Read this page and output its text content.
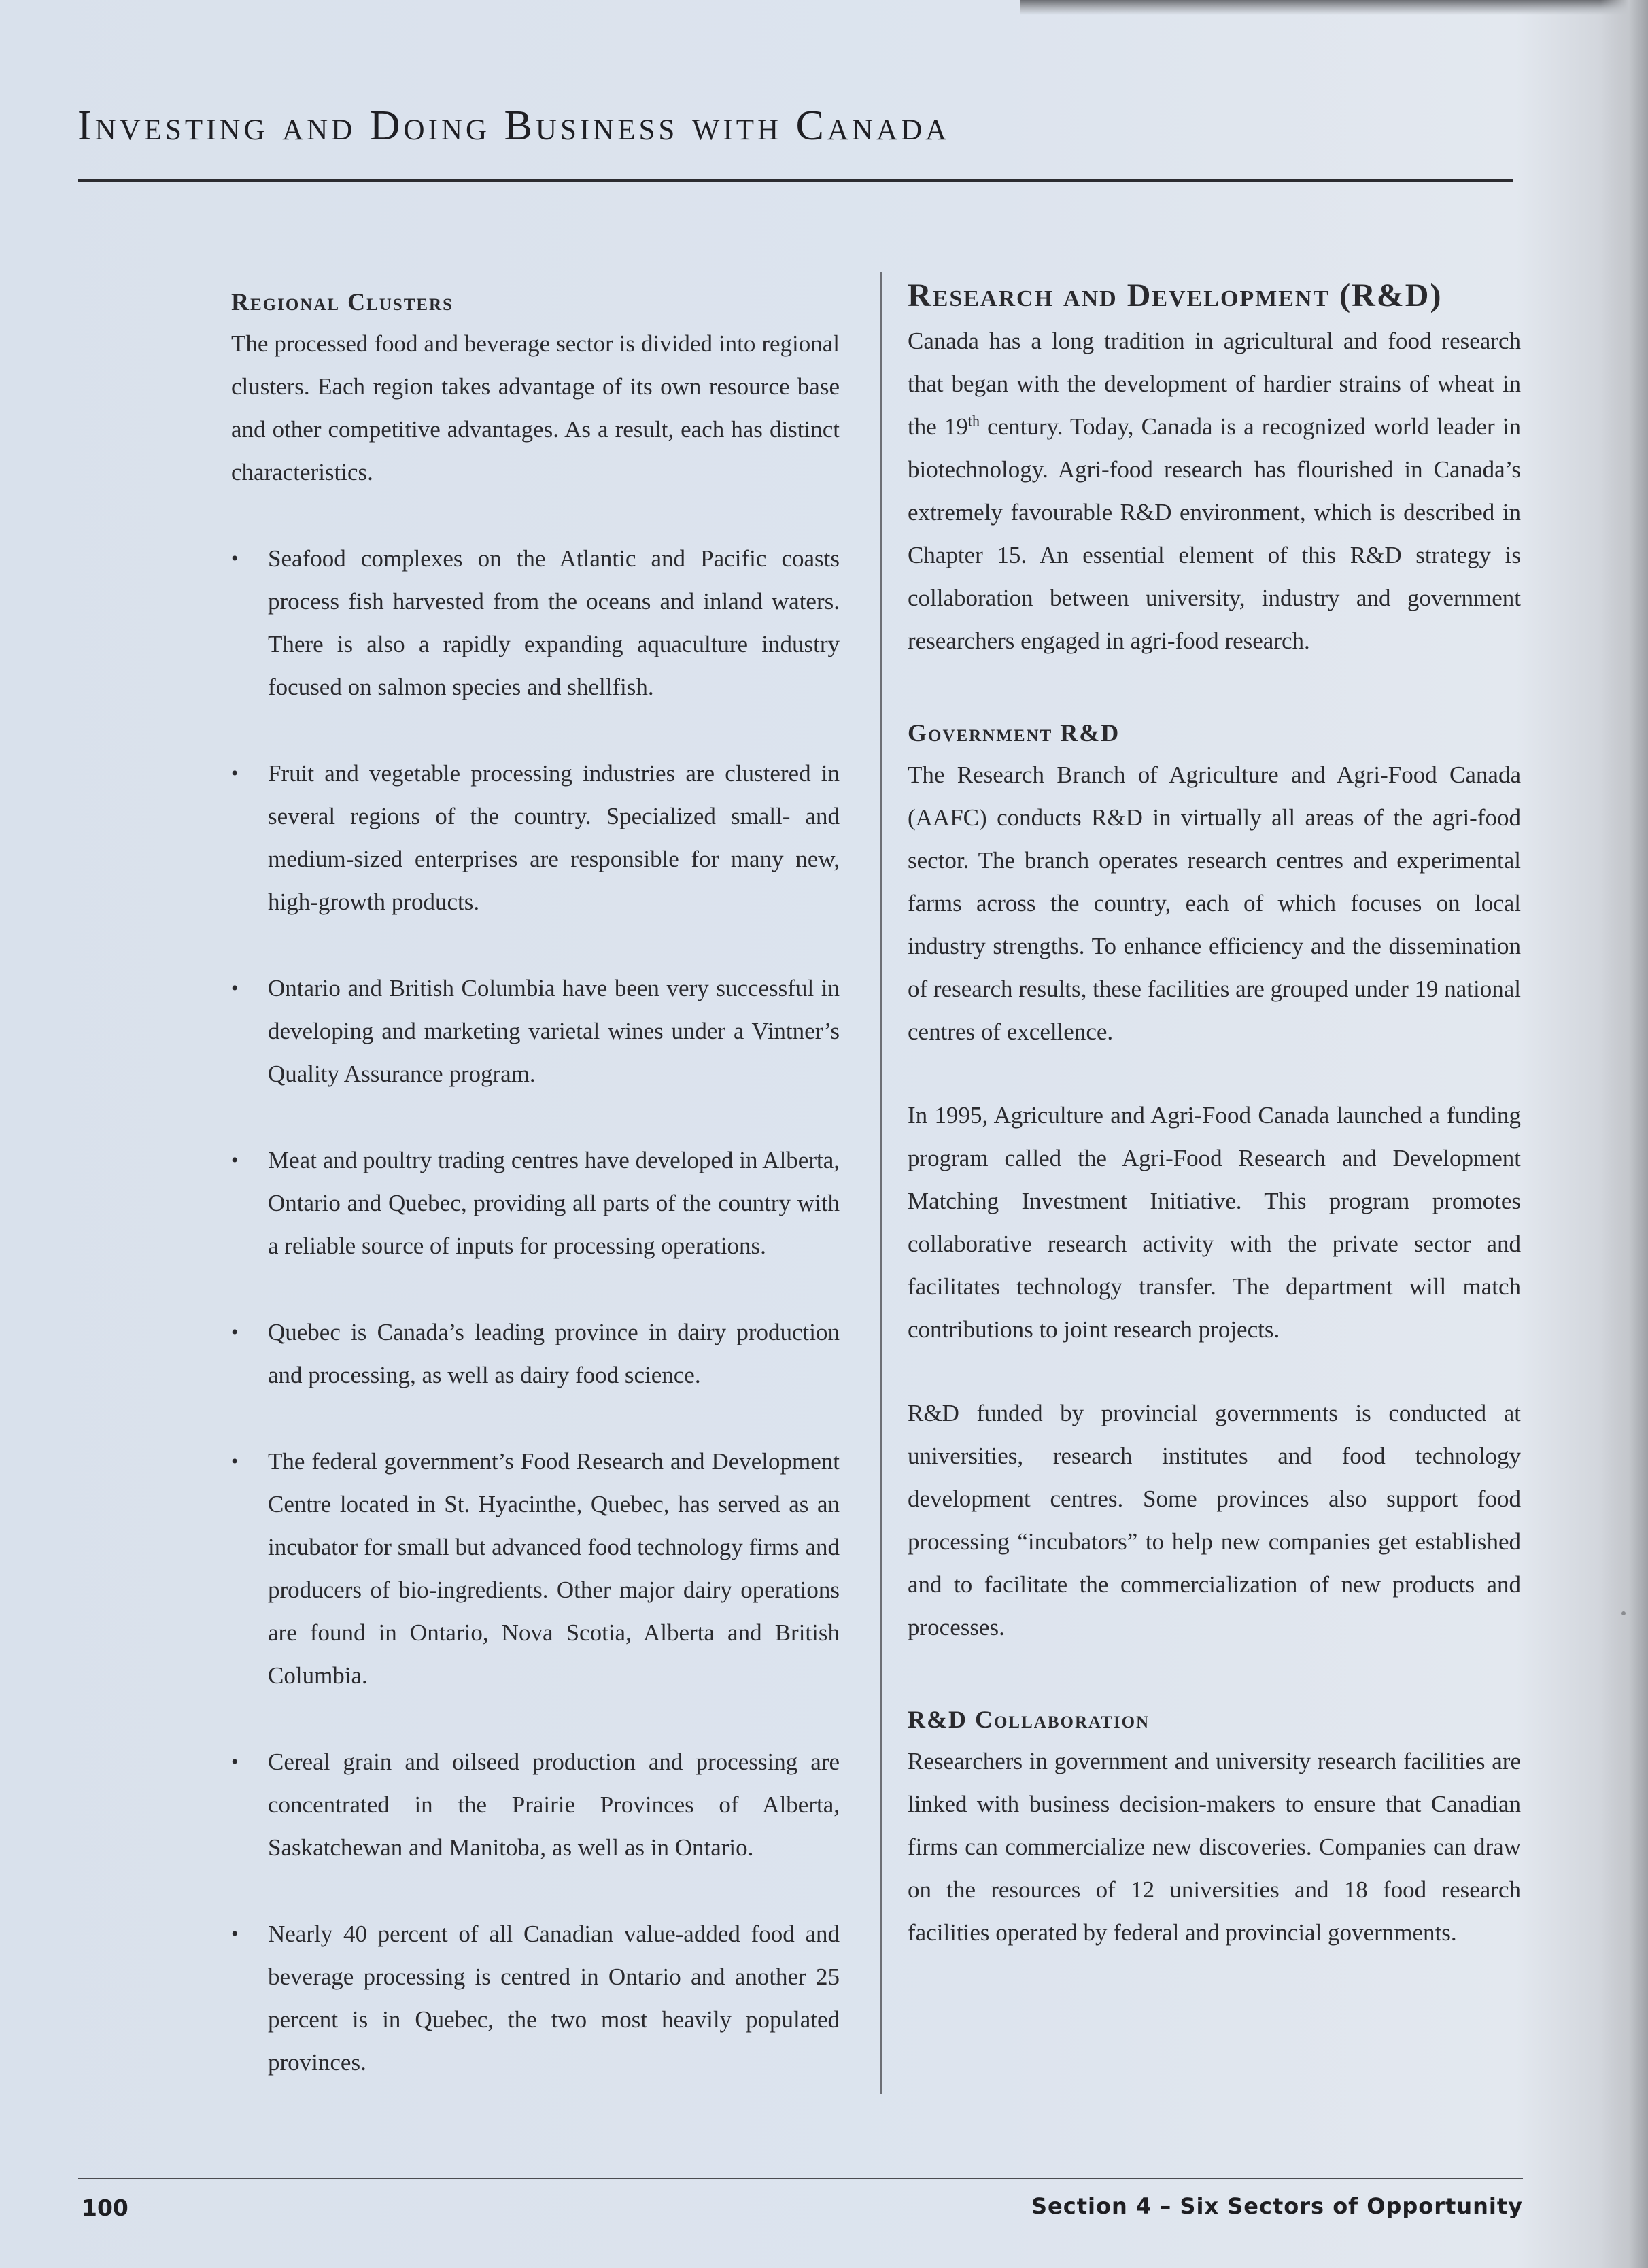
Investing and Doing Business with Canada
Regional Clusters

The processed food and beverage sector is divided into regional clusters. Each region takes advantage of its own resource base and other competitive advantages. As a result, each has distinct characteristics.

• Seafood complexes on the Atlantic and Pacific coasts process fish harvested from the oceans and inland waters. There is also a rapidly expanding aquaculture industry focused on salmon species and shellfish.
• Fruit and vegetable processing industries are clustered in several regions of the country. Specialized small- and medium-sized enterprises are responsible for many new, high-growth products.
• Ontario and British Columbia have been very successful in developing and marketing varietal wines under a Vintner’s Quality Assurance program.
• Meat and poultry trading centres have developed in Alberta, Ontario and Quebec, providing all parts of the country with a reliable source of inputs for processing operations.
• Quebec is Canada’s leading province in dairy production and processing, as well as dairy food science.
• The federal government’s Food Research and Development Centre located in St. Hyacinthe, Quebec, has served as an incubator for small but advanced food technology firms and producers of bio-ingredients. Other major dairy operations are found in Ontario, Nova Scotia, Alberta and British Columbia.
• Cereal grain and oilseed production and processing are concentrated in the Prairie Provinces of Alberta, Saskatchewan and Manitoba, as well as in Ontario.
• Nearly 40 percent of all Canadian value-added food and beverage processing is centred in Ontario and another 25 percent is in Quebec, the two most heavily populated provinces.
Research and Development (R&D)

Canada has a long tradition in agricultural and food research that began with the development of hardier strains of wheat in the 19th century. Today, Canada is a recognized world leader in biotechnology. Agri-food research has flourished in Canada’s extremely favourable R&D environment, which is described in Chapter 15. An essential element of this R&D strategy is collaboration between university, industry and government researchers engaged in agri-food research.

Government R&D

The Research Branch of Agriculture and Agri-Food Canada (AAFC) conducts R&D in virtually all areas of the agri-food sector. The branch operates research centres and experimental farms across the country, each of which focuses on local industry strengths. To enhance efficiency and the dissemination of research results, these facilities are grouped under 19 national centres of excellence.

In 1995, Agriculture and Agri-Food Canada launched a funding program called the Agri-Food Research and Development Matching Investment Initiative. This program promotes collaborative research activity with the private sector and facilitates technology transfer. The department will match contributions to joint research projects.

R&D funded by provincial governments is conducted at universities, research institutes and food technology development centres. Some provinces also support food processing “incubators” to help new companies get established and to facilitate the commercialization of new products and processes.

R&D Collaboration

Researchers in government and university research facilities are linked with business decision-makers to ensure that Canadian firms can commercialize new discoveries. Companies can draw on the resources of 12 universities and 18 food research facilities operated by federal and provincial governments.

100	Section 4 – Six Sectors of Opportunity
